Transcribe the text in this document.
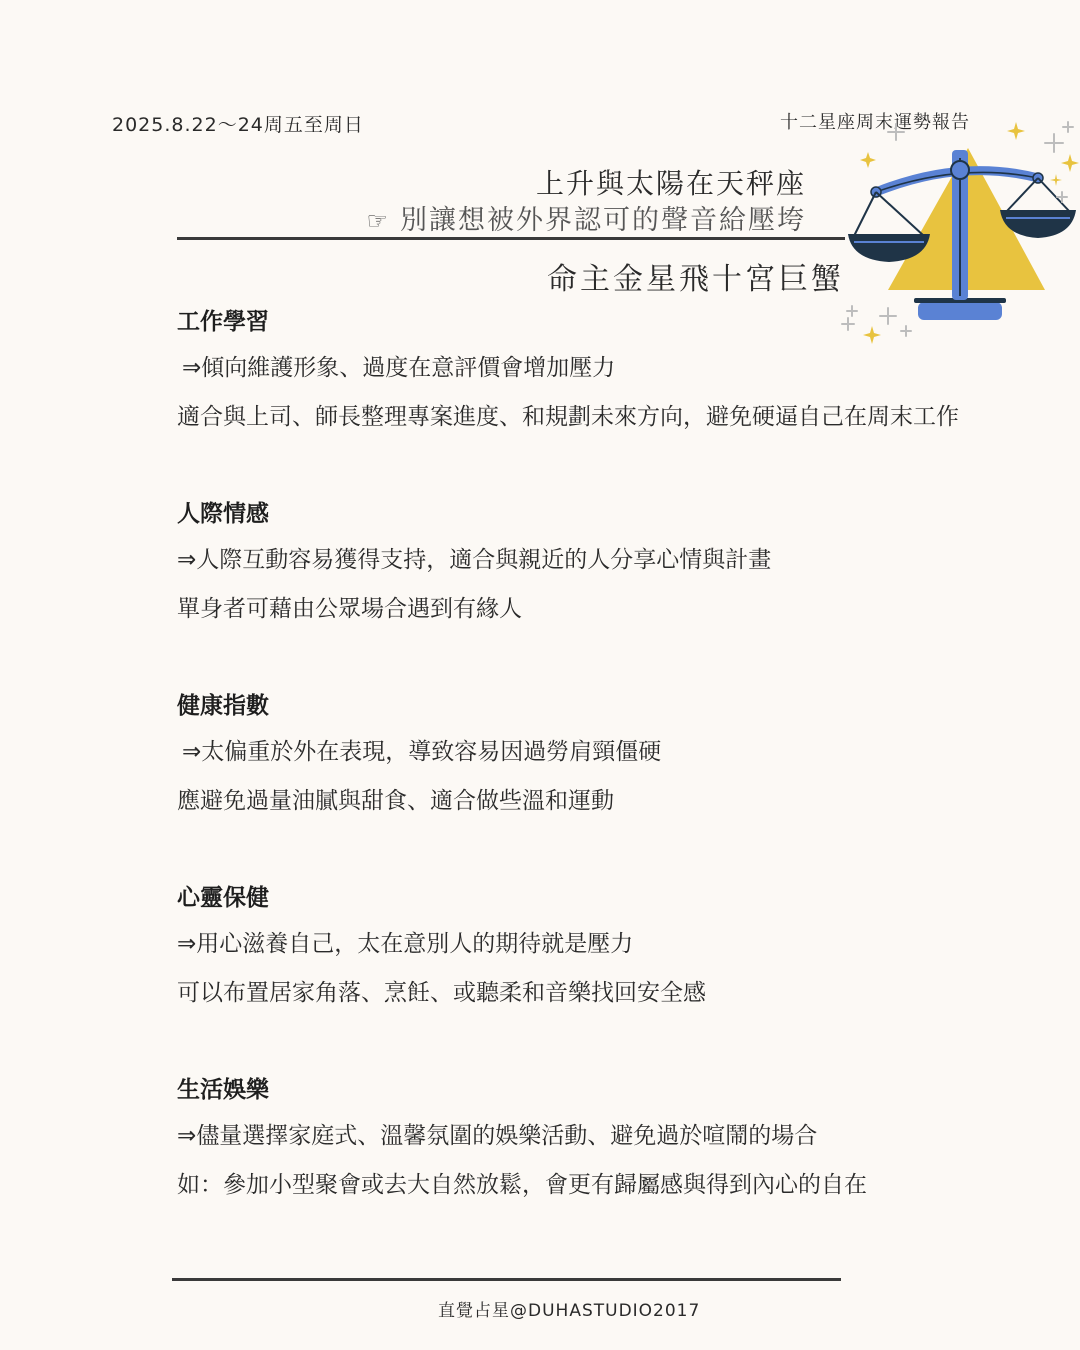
2025.8.22～24周五至周日	十二星座周末運勢報告
上升與太陽在天秤座
☞ 別讓想被外界認可的聲音給壓垮
命主金星飛十宮巨蟹
工作學習
⇒傾向維護形象、過度在意評價會增加壓力
適合與上司、師長整理專案進度、和規劃未來方向，避免硬逼自己在周末工作
人際情感
⇒人際互動容易獲得支持，適合與親近的人分享心情與計畫
單身者可藉由公眾場合遇到有緣人
健康指數
⇒太偏重於外在表現，導致容易因過勞肩頸僵硬
應避免過量油膩與甜食、適合做些溫和運動
心靈保健
⇒用心滋養自己，太在意別人的期待就是壓力
可以布置居家角落、烹飪、或聽柔和音樂找回安全感
生活娛樂
⇒儘量選擇家庭式、溫馨氛圍的娛樂活動、避免過於喧鬧的場合
如：參加小型聚會或去大自然放鬆，會更有歸屬感與得到內心的自在
直覺占星@DUHASTUDIO2017
